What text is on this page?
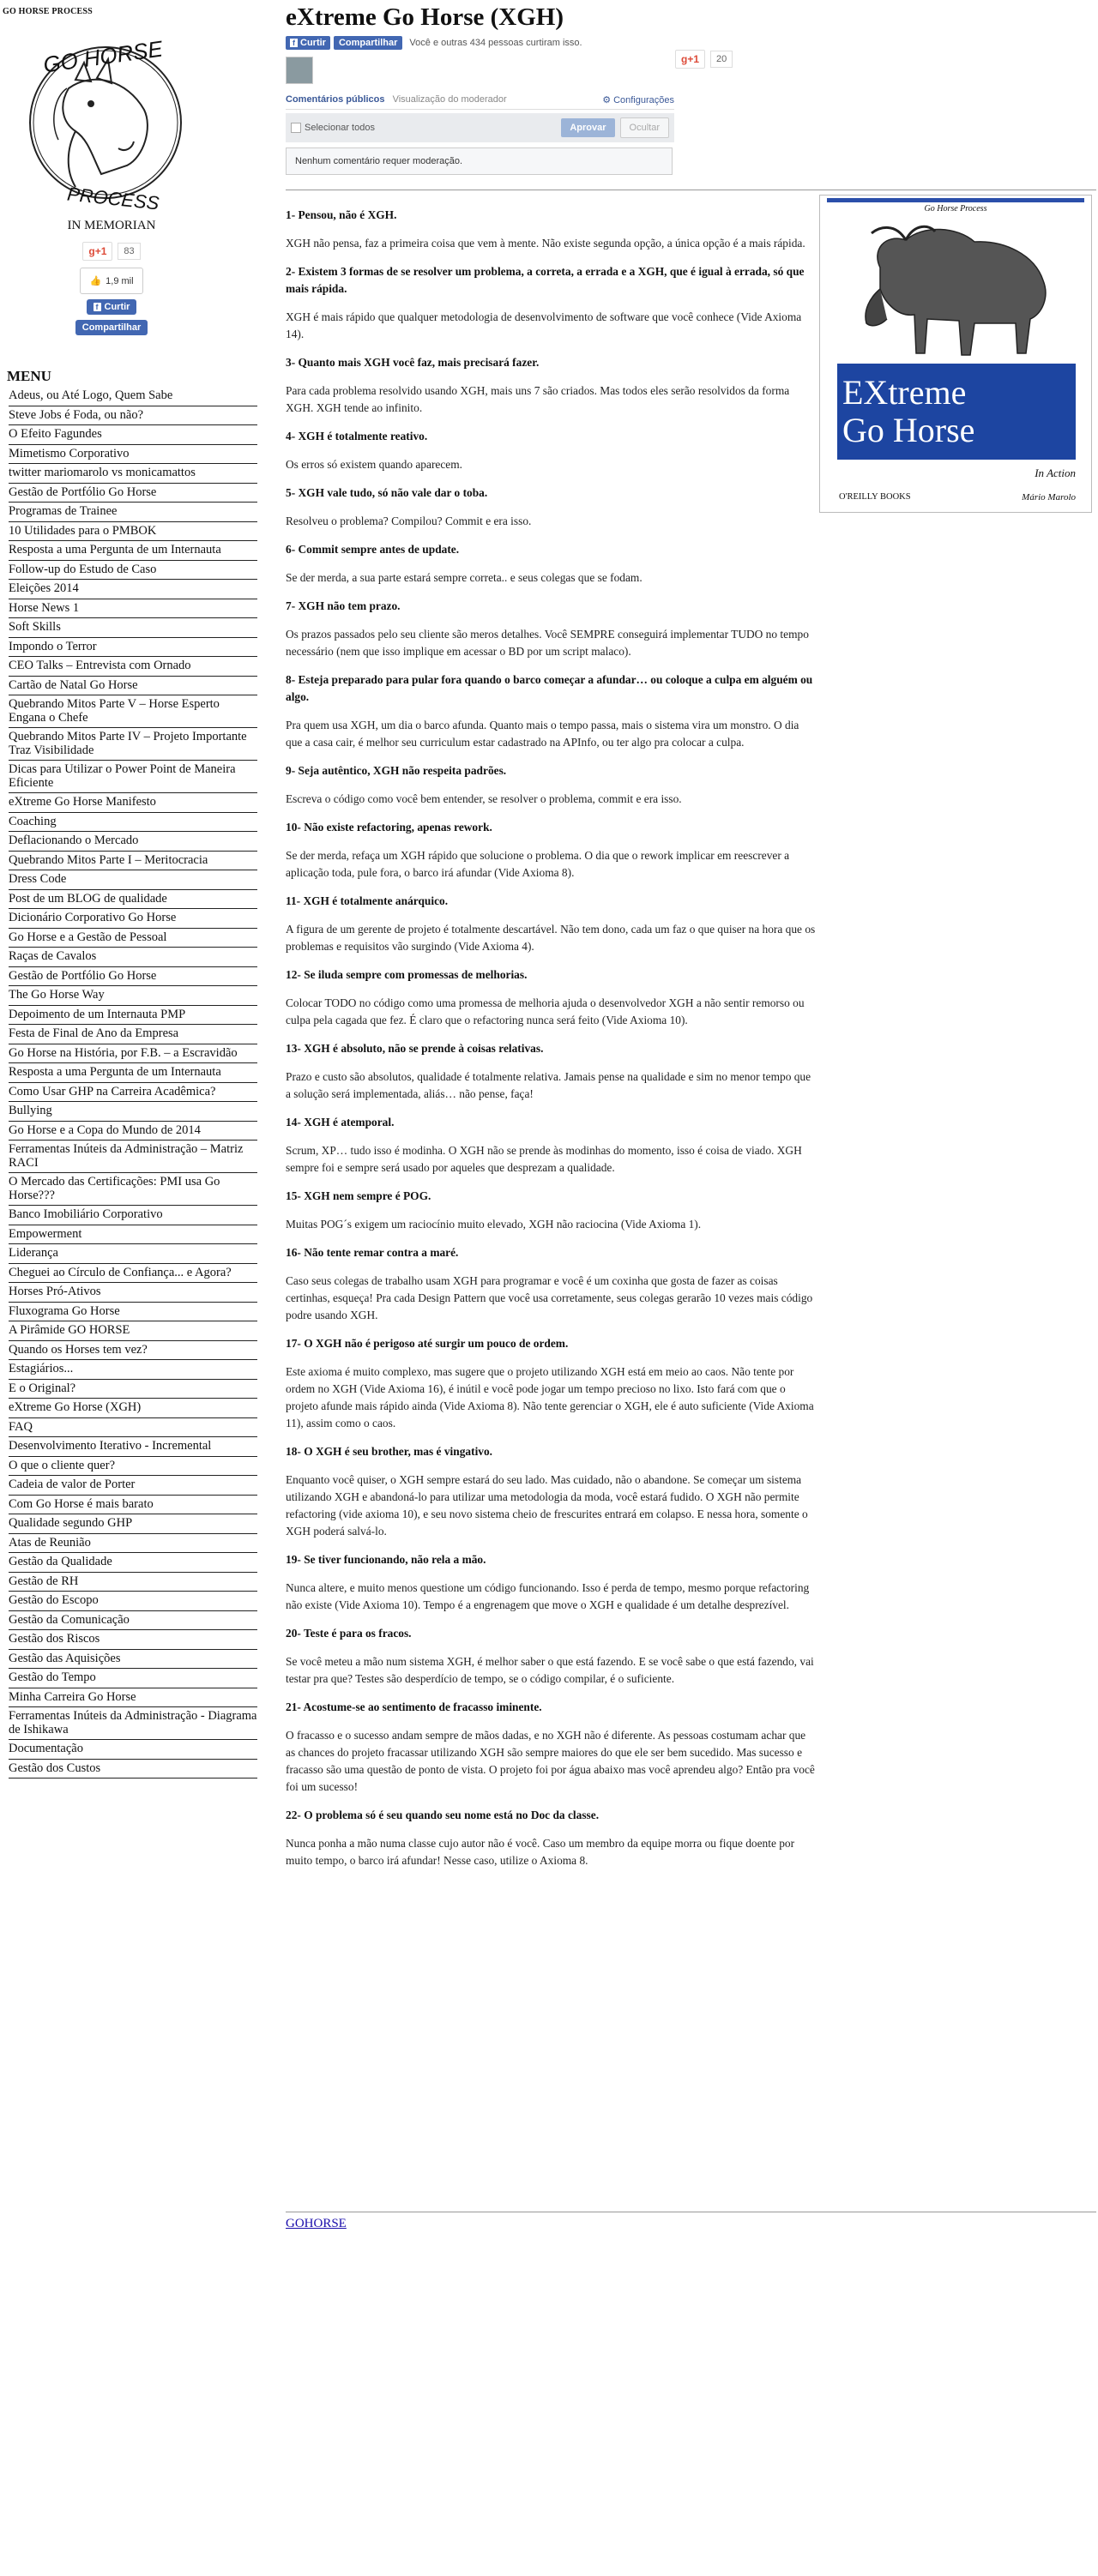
GO HORSE PROCESS
GO HORSE
PROCESS
IN MEMORIAN
g+1	83
👍 1,9 mil
f Curtir
Compartilhar
MENU
Adeus, ou Até Logo, Quem Sabe
Steve Jobs é Foda, ou não?
O Efeito Fagundes
Mimetismo Corporativo
twitter mariomarolo vs monicamattos
Gestão de Portfólio Go Horse
Programas de Trainee
10 Utilidades para o PMBOK
Resposta a uma Pergunta de um Internauta
Follow-up do Estudo de Caso
Eleições 2014
Horse News 1
Soft Skills
Impondo o Terror
CEO Talks – Entrevista com Ornado
Cartão de Natal Go Horse
Quebrando Mitos Parte V – Horse Esperto Engana o Chefe
Quebrando Mitos Parte IV – Projeto Importante Traz Visibilidade
Dicas para Utilizar o Power Point de Maneira Eficiente
eXtreme Go Horse Manifesto
Coaching
Deflacionando o Mercado
Quebrando Mitos Parte I – Meritocracia
Dress Code
Post de um BLOG de qualidade
Dicionário Corporativo Go Horse
Go Horse e a Gestão de Pessoal
Raças de Cavalos
Gestão de Portfólio Go Horse
The Go Horse Way
Depoimento de um Internauta PMP
Festa de Final de Ano da Empresa
Go Horse na História, por F.B. – a Escravidão
Resposta a uma Pergunta de um Internauta
Como Usar GHP na Carreira Acadêmica?
Bullying
Go Horse e a Copa do Mundo de 2014
Ferramentas Inúteis da Administração – Matriz RACI
O Mercado das Certificações: PMI usa Go Horse???
Banco Imobiliário Corporativo
Empowerment
Liderança
Cheguei ao Círculo de Confiança... e Agora?
Horses Pró-Ativos
Fluxograma Go Horse
A Pirâmide GO HORSE
Quando os Horses tem vez?
Estagiários...
E o Original?
eXtreme Go Horse (XGH)
FAQ
Desenvolvimento Iterativo - Incremental
O que o cliente quer?
Cadeia de valor de Porter
Com Go Horse é mais barato
Qualidade segundo GHP
Atas de Reunião
Gestão da Qualidade
Gestão de RH
Gestão do Escopo
Gestão da Comunicação
Gestão dos Riscos
Gestão das Aquisições
Gestão do Tempo
Minha Carreira Go Horse
Ferramentas Inúteis da Administração - Diagrama de Ishikawa
Documentação
Gestão dos Custos
eXtreme Go Horse (XGH)
f Curtir	Compartilhar	Você e outras 434 pessoas curtiram isso.
Comentários públicos Visualização do moderador	⚙ Configurações
Selecionar todos	Aprovar	Ocultar
Nenhum comentário requer moderação.
g+1	20
1- Pensou, não é XGH.

XGH não pensa, faz a primeira coisa que vem à mente. Não existe segunda opção, a única opção é a mais rápida.

2- Existem 3 formas de se resolver um problema, a correta, a errada e a XGH, que é igual à errada, só que mais rápida.

XGH é mais rápido que qualquer metodologia de desenvolvimento de software que você conhece (Vide Axioma 14).

3- Quanto mais XGH você faz, mais precisará fazer.

Para cada problema resolvido usando XGH, mais uns 7 são criados. Mas todos eles serão resolvidos da forma XGH. XGH tende ao infinito.

4- XGH é totalmente reativo.

Os erros só existem quando aparecem.

5- XGH vale tudo, só não vale dar o toba.

Resolveu o problema? Compilou? Commit e era isso.

6- Commit sempre antes de update.

Se der merda, a sua parte estará sempre correta.. e seus colegas que se fodam.

7- XGH não tem prazo.

Os prazos passados pelo seu cliente são meros detalhes. Você SEMPRE conseguirá implementar TUDO no tempo necessário (nem que isso implique em acessar o BD por um script malaco).

8- Esteja preparado para pular fora quando o barco começar a afundar… ou coloque a culpa em alguém ou algo.

Pra quem usa XGH, um dia o barco afunda. Quanto mais o tempo passa, mais o sistema vira um monstro. O dia que a casa cair, é melhor seu curriculum estar cadastrado na APInfo, ou ter algo pra colocar a culpa.

9- Seja autêntico, XGH não respeita padrões.

Escreva o código como você bem entender, se resolver o problema, commit e era isso.

10- Não existe refactoring, apenas rework.

Se der merda, refaça um XGH rápido que solucione o problema. O dia que o rework implicar em reescrever a aplicação toda, pule fora, o barco irá afundar (Vide Axioma 8).

11- XGH é totalmente anárquico.

A figura de um gerente de projeto é totalmente descartável. Não tem dono, cada um faz o que quiser na hora que os problemas e requisitos vão surgindo (Vide Axioma 4).

12- Se iluda sempre com promessas de melhorias.

Colocar TODO no código como uma promessa de melhoria ajuda o desenvolvedor XGH a não sentir remorso ou culpa pela cagada que fez. É claro que o refactoring nunca será feito (Vide Axioma 10).

13- XGH é absoluto, não se prende à coisas relativas.

Prazo e custo são absolutos, qualidade é totalmente relativa. Jamais pense na qualidade e sim no menor tempo que a solução será implementada, aliás… não pense, faça!

14- XGH é atemporal.

Scrum, XP… tudo isso é modinha. O XGH não se prende às modinhas do momento, isso é coisa de viado. XGH sempre foi e sempre será usado por aqueles que desprezam a qualidade.

15- XGH nem sempre é POG.

Muitas POG´s exigem um raciocínio muito elevado, XGH não raciocina (Vide Axioma 1).

16- Não tente remar contra a maré.

Caso seus colegas de trabalho usam XGH para programar e você é um coxinha que gosta de fazer as coisas certinhas, esqueça! Pra cada Design Pattern que você usa corretamente, seus colegas gerarão 10 vezes mais código podre usando XGH.

17- O XGH não é perigoso até surgir um pouco de ordem.

Este axioma é muito complexo, mas sugere que o projeto utilizando XGH está em meio ao caos. Não tente por ordem no XGH (Vide Axioma 16), é inútil e você pode jogar um tempo precioso no lixo. Isto fará com que o projeto afunde mais rápido ainda (Vide Axioma 8). Não tente gerenciar o XGH, ele é auto suficiente (Vide Axioma 11), assim como o caos.

18- O XGH é seu brother, mas é vingativo.

Enquanto você quiser, o XGH sempre estará do seu lado. Mas cuidado, não o abandone. Se começar um sistema utilizando XGH e abandoná-lo para utilizar uma metodologia da moda, você estará fudido. O XGH não permite refactoring (vide axioma 10), e seu novo sistema cheio de frescurites entrará em colapso. E nessa hora, somente o XGH poderá salvá-lo.

19- Se tiver funcionando, não rela a mão.

Nunca altere, e muito menos questione um código funcionando. Isso é perda de tempo, mesmo porque refactoring não existe (Vide Axioma 10). Tempo é a engrenagem que move o XGH e qualidade é um detalhe desprezível.

20- Teste é para os fracos.

Se você meteu a mão num sistema XGH, é melhor saber o que está fazendo. E se você sabe o que está fazendo, vai testar pra que? Testes são desperdício de tempo, se o código compilar, é o suficiente.

21- Acostume-se ao sentimento de fracasso iminente.

O fracasso e o sucesso andam sempre de mãos dadas, e no XGH não é diferente. As pessoas costumam achar que as chances do projeto fracassar utilizando XGH são sempre maiores do que ele ser bem sucedido. Mas sucesso e fracasso são uma questão de ponto de vista. O projeto foi por água abaixo mas você aprendeu algo? Então pra você foi um sucesso!

22- O problema só é seu quando seu nome está no Doc da classe.

Nunca ponha a mão numa classe cujo autor não é você. Caso um membro da equipe morra ou fique doente por muito tempo, o barco irá afundar! Nesse caso, utilize o Axioma 8.

Go Horse Process
EXtreme
Go Horse
In Action
O'REILLY BOOKS	Mário Marolo
GOHORSE
